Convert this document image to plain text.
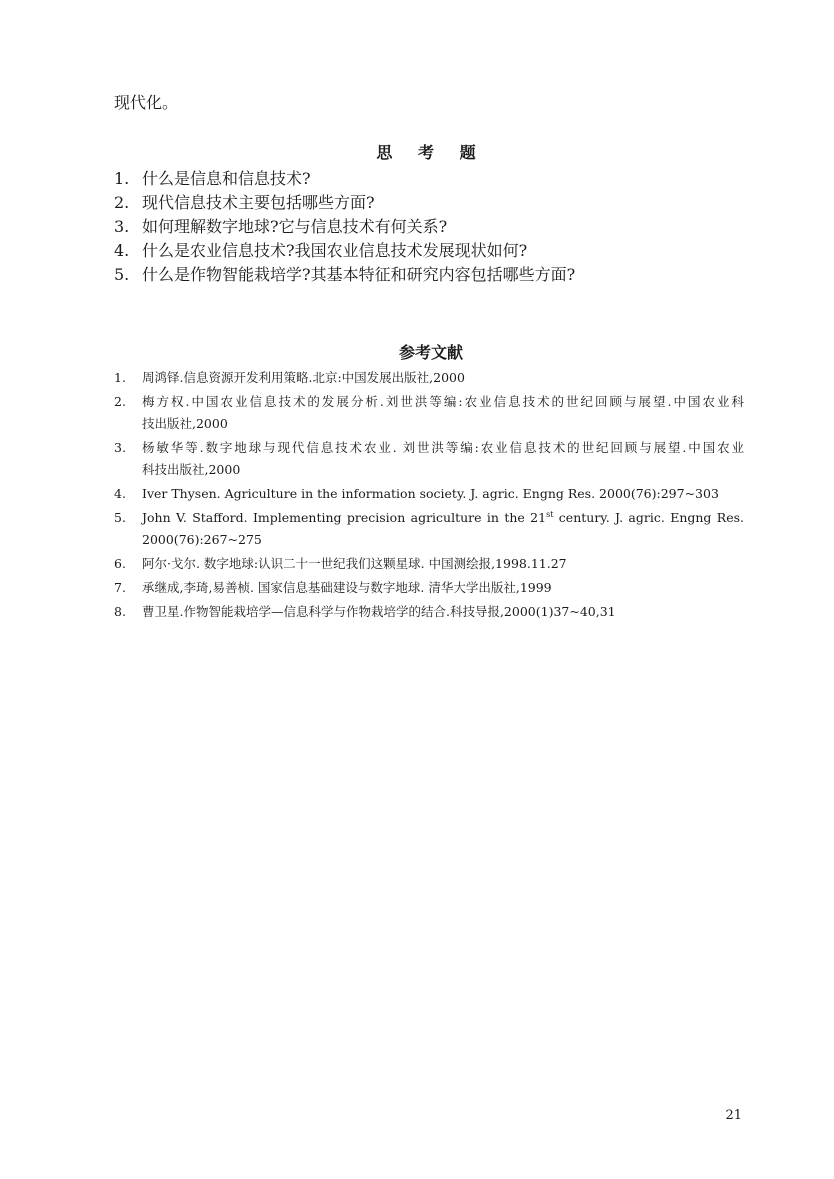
现代化。
思 考 题
1. 什么是信息和信息技术?
2. 现代信息技术主要包括哪些方面?
3. 如何理解数字地球?它与信息技术有何关系?
4. 什么是农业信息技术?我国农业信息技术发展现状如何?
5. 什么是作物智能栽培学?其基本特征和研究内容包括哪些方面?
参考文献
1.	周鸿铎.信息资源开发利用策略.北京:中国发展出版社,2000
2.	梅方权.中国农业信息技术的发展分析.刘世洪等编:农业信息技术的世纪回顾与展望.中国农业科
技出版社,2000
3.	杨敏华等.数字地球与现代信息技术农业. 刘世洪等编:农业信息技术的世纪回顾与展望.中国农业
科技出版社,2000
4.	Iver Thysen. Agriculture in the information society. J. agric. Engng Res. 2000(76):297~303
5.	John V. Stafford. Implementing precision agriculture in the 21st century. J. agric. Engng Res.
2000(76):267~275
6.	阿尔·戈尔. 数字地球:认识二十一世纪我们这颗星球. 中国测绘报,1998.11.27
7.	承继成,李琦,易善桢. 国家信息基础建设与数字地球. 清华大学出版社,1999
8.	曹卫星.作物智能栽培学—信息科学与作物栽培学的结合.科技导报,2000(1)37~40,31
21
